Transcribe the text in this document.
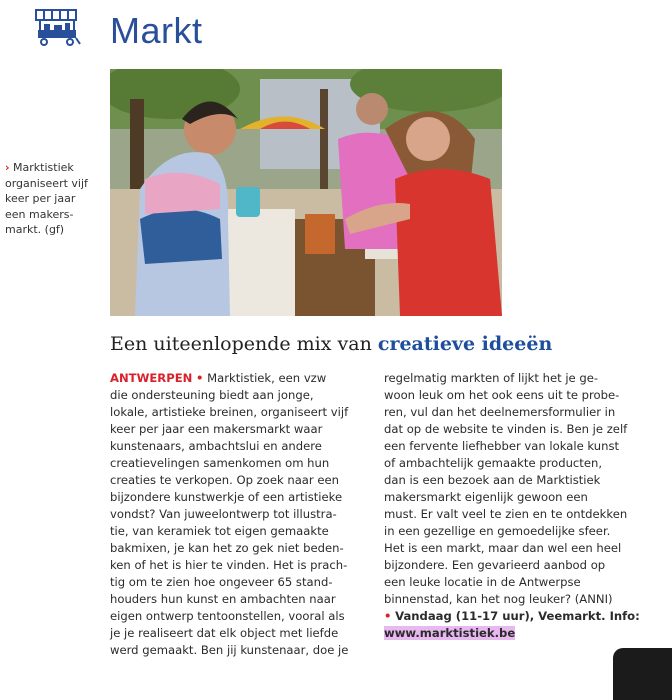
Markt
› Marktistiek
organiseert vijf
keer per jaar
een makers-
markt. (gf)
Een uiteenlopende mix van creatieve ideeën

ANTWERPEN • Marktistiek, een vzw

die ondersteuning biedt aan jonge,

lokale, artistieke breinen, organiseert vijf

keer per jaar een makersmarkt waar

kunstenaars, ambachtslui en andere

creatievelingen samenkomen om hun

creaties te verkopen. Op zoek naar een

bijzondere kunstwerkje of een artistieke

vondst? Van juweelontwerp tot illustra-

tie, van keramiek tot eigen gemaakte

bakmixen, je kan het zo gek niet beden-

ken of het is hier te vinden. Het is prach-

tig om te zien hoe ongeveer 65 stand-

houders hun kunst en ambachten naar

eigen ontwerp tentoonstellen, vooral als

je je realiseert dat elk object met liefde

werd gemaakt. Ben jij kunstenaar, doe je

regelmatig markten of lijkt het je ge-

woon leuk om het ook eens uit te probe-

ren, vul dan het deelnemersformulier in

dat op de website te vinden is. Ben je zelf

een fervente liefhebber van lokale kunst

of ambachtelijk gemaakte producten,

dan is een bezoek aan de Marktistiek

makersmarkt eigenlijk gewoon een

must. Er valt veel te zien en te ontdekken

in een gezellige en gemoedelijke sfeer.

Het is een markt, maar dan wel een heel

bijzondere. Een gevarieerd aanbod op

een leuke locatie in de Antwerpse

binnenstad, kan het nog leuker? (ANNI)

• Vandaag (11-17 uur), Veemarkt. Info:

www.marktistiek.be
